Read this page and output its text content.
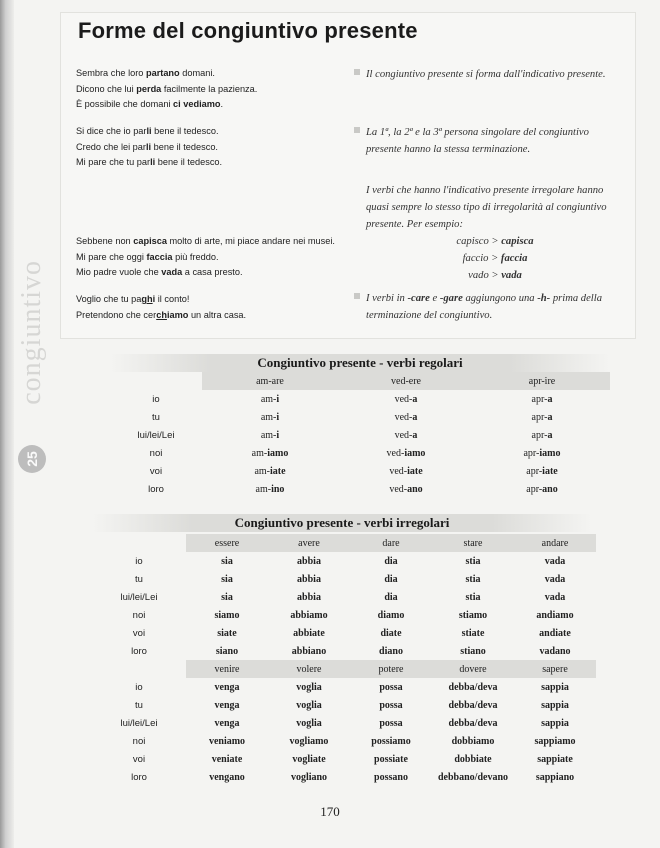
congiuntivo
25
Forme del congiuntivo presente

Sembra che loro partano domani.

Dicono che lui perda facilmente la pazienza.

È possibile che domani ci vediamo.

Si dice che io parli bene il tedesco.

Credo che lei parli bene il tedesco.

Mi pare che tu parli bene il tedesco.

Sebbene non capisca molto di arte, mi piace andare nei musei.

Mi pare che oggi faccia più freddo.

Mio padre vuole che vada a casa presto.

Voglio che tu paghi il conto!

Pretendono che cerchiamo un altra casa.

Il congiuntivo presente si forma dall'indicativo presente.

La 1ª, la 2ª e la 3ª persona singolare del congiuntivo presente hanno la stessa terminazione.

I verbi che hanno l'indicativo presente irregolare hanno quasi sempre lo stesso tipo di irregolarità al congiuntivo presente. Per esempio:

capisco > capisca

faccio > faccia

vado > vada

I verbi in -care e -gare aggiungono una -h- prima della terminazione del congiuntivo.

Congiuntivo presente - verbi regolari
	am-are	ved-ere	apr-ire
io	am-i	ved-a	apr-a
tu	am-i	ved-a	apr-a
lui/lei/Lei	am-i	ved-a	apr-a
noi	am-iamo	ved-iamo	apr-iamo
voi	am-iate	ved-iate	apr-iate
loro	am-ino	ved-ano	apr-ano
Congiuntivo presente - verbi irregolari
	essere	avere	dare	stare	andare
io	sia	abbia	dia	stia	vada
tu	sia	abbia	dia	stia	vada
lui/lei/Lei	sia	abbia	dia	stia	vada
noi	siamo	abbiamo	diamo	stiamo	andiamo
voi	siate	abbiate	diate	stiate	andiate
loro	siano	abbiano	diano	stiano	vadano
	venire	volere	potere	dovere	sapere
io	venga	voglia	possa	debba/deva	sappia
tu	venga	voglia	possa	debba/deva	sappia
lui/lei/Lei	venga	voglia	possa	debba/deva	sappia
noi	veniamo	vogliamo	possiamo	dobbiamo	sappiamo
voi	veniate	vogliate	possiate	dobbiate	sappiate
loro	vengano	vogliano	possano	debbano/devano	sappiano
170
